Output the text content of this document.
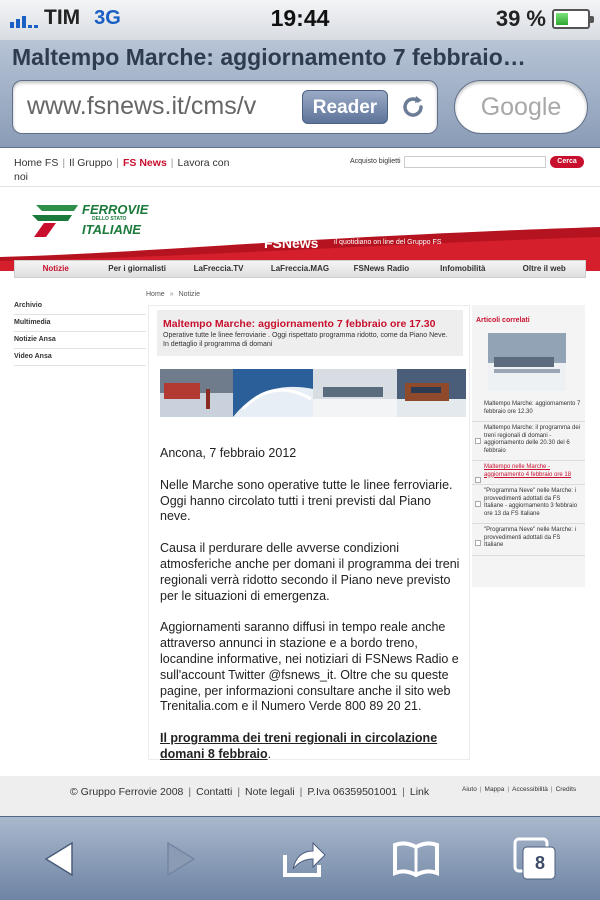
TIM 3G	19:44	39 %
Maltempo Marche: aggiornamento 7 febbraio…
www.fsnews.it/cms/v	Reader	Google
Home FS | Il Gruppo | FS News | Lavora con noi
Acquisto biglietti	Cerca
FERROVIE
DELLO STATO
ITALIANE
FSNews il quotidiano on line del Gruppo FS
Notizie	Per i giornalisti	LaFreccia.TV	LaFreccia.MAG	FSNews Radio	Infomobilità	Oltre il web
Home » Notizie
Archivio
Multimedia
Notizie Ansa
Video Ansa
Maltempo Marche: aggiornamento 7 febbraio ore 17.30
Operative tutte le linee ferroviarie . Oggi rispettato programma ridotto, come da Piano Neve. In dettaglio il programma di domani

Ancona, 7 febbraio 2012

Nelle Marche sono operative tutte le linee ferroviarie. Oggi hanno circolato tutti i treni previsti dal Piano neve.

Causa il perdurare delle avverse condizioni atmosferiche anche per domani il programma dei treni regionali verrà ridotto secondo il Piano neve previsto per le situazioni di emergenza.

Aggiornamenti saranno diffusi in tempo reale anche attraverso annunci in stazione e a bordo treno, locandine informative, nei notiziari di FSNews Radio e sull'account Twitter @fsnews_it. Oltre che su queste pagine, per informazioni consultare anche il sito web Trenitalia.com e il Numero Verde 800 89 20 21.

Il programma dei treni regionali in circolazione domani 8 febbraio.

Articoli correlati
Maltempo Marche: aggiornamento 7 febbraio ore 12.30
Maltempo Marche: il programma dei treni regionali di domani - aggiornamento delle 20.30 del 6 febbraio
Maltempo nelle Marche - aggiornamento 4 febbraio ore 18
"Programma Neve" nelle Marche: i provvedimenti adottati da FS Italiane - aggiornamento 3 febbraio ore 13 da FS Italiane
"Programma Neve" nelle Marche: i provvedimenti adottati da FS Italiane
© Gruppo Ferrovie 2008 | Contatti | Note legali | P.Iva 06359501001 | Link	Aiuto | Mappa | Accessibilità | Credits
8
